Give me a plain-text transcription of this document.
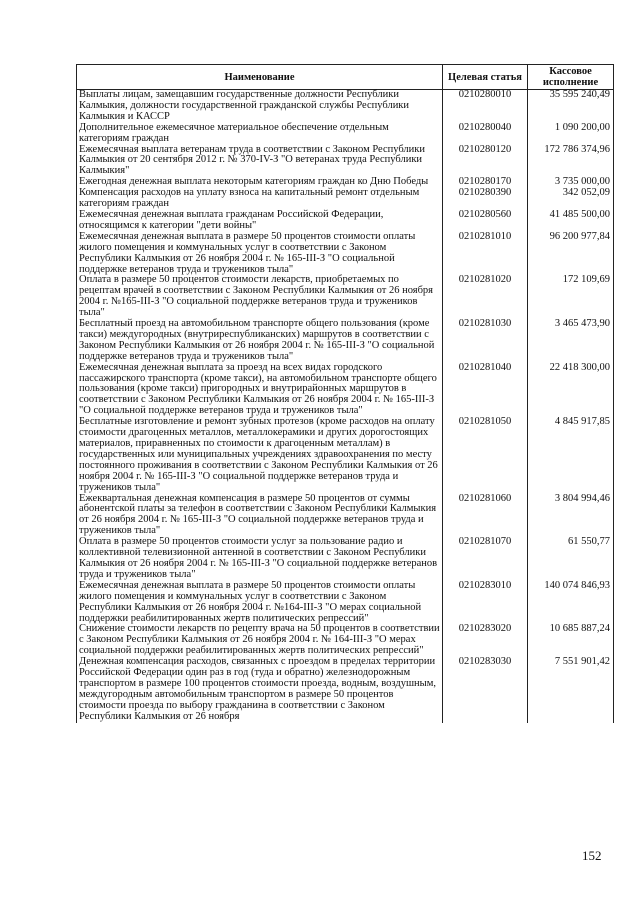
Наименование	Целевая статья	Кассовое исполнение
Выплаты лицам, замещавшим государственные должности Республики Калмыкия, должности государственной гражданской службы Республики Калмыкия и КАССР	0210280010	35 595 240,49
Дополнительное ежемесячное материальное обеспечение отдельным категориям граждан	0210280040	1 090 200,00
Ежемесячная выплата ветеранам труда в соответствии с Законом Республики Калмыкия от 20 сентября 2012 г. № 370-IV-З "О ветеранах труда Республики Калмыкия"	0210280120	172 786 374,96
Ежегодная денежная выплата некоторым категориям граждан ко Дню Победы	0210280170	3 735 000,00
Компенсация расходов на уплату взноса на капитальный ремонт отдельным категориям граждан	0210280390	342 052,09
Ежемесячная денежная выплата гражданам Российской Федерации, относящимся к категории "дети войны"	0210280560	41 485 500,00
Ежемесячная денежная выплата в размере 50 процентов стоимости оплаты жилого помещения и коммунальных услуг в соответствии с Законом Республики Калмыкия от 26 ноября 2004 г. № 165-III-З "О социальной поддержке ветеранов труда и тружеников тыла"	0210281010	96 200 977,84
Оплата в размере 50 процентов стоимости лекарств, приобретаемых по рецептам врачей в соответствии с Законом Республики Калмыкия от 26 ноября 2004 г. №165-III-З "О социальной поддержке ветеранов труда и тружеников тыла"	0210281020	172 109,69
Бесплатный проезд на автомобильном транспорте общего пользования (кроме такси) междугородных (внутриреспубликанских) маршрутов в соответствии с Законом Республики Калмыкия от 26 ноября 2004 г. № 165-III-З "О социальной поддержке ветеранов труда и тружеников тыла"	0210281030	3 465 473,90
Ежемесячная денежная выплата за проезд на всех видах городского пассажирского транспорта (кроме такси), на автомобильном транспорте общего пользования (кроме такси) пригородных и внутрирайонных маршрутов в соответствии с Законом Республики Калмыкия от 26 ноября 2004 г. № 165-III-З "О социальной поддержке ветеранов труда и тружеников тыла"	0210281040	22 418 300,00
Бесплатные изготовление и ремонт зубных протезов (кроме расходов на оплату стоимости драгоценных металлов, металлокерамики и других дорогостоящих материалов, приравненных по стоимости к драгоценным металлам) в государственных или муниципальных учреждениях здравоохранения по месту постоянного проживания в соответствии с Законом Республики Калмыкия от 26 ноября 2004 г. № 165-III-З "О социальной поддержке ветеранов труда и тружеников тыла"	0210281050	4 845 917,85
Ежеквартальная денежная компенсация в размере 50 процентов от суммы абонентской платы за телефон в соответствии с Законом Республики Калмыкия от 26 ноября 2004 г. № 165-III-З "О социальной поддержке ветеранов труда и тружеников тыла"	0210281060	3 804 994,46
Оплата в размере 50 процентов стоимости услуг за пользование радио и коллективной телевизионной антенной в соответствии с Законом Республики Калмыкия от 26 ноября 2004 г. № 165-III-З "О социальной поддержке ветеранов труда и тружеников тыла"	0210281070	61 550,77
Ежемесячная денежная выплата в размере 50 процентов стоимости оплаты жилого помещения и коммунальных услуг в соответствии с Законом Республики Калмыкия от 26 ноября 2004 г. №164-III-З "О мерах социальной поддержки реабилитированных жертв политических репрессий"	0210283010	140 074 846,93
Снижение стоимости лекарств по рецепту врача на 50 процентов в соответствии с Законом Республики Калмыкия от 26 ноября 2004 г. № 164-III-З "О мерах социальной поддержки реабилитированных жертв политических репрессий"	0210283020	10 685 887,24
Денежная компенсация расходов, связанных с проездом в пределах территории Российской Федерации один раз в год (туда и обратно) железнодорожным транспортом в размере 100 процентов стоимости проезда, водным, воздушным, междугородным автомобильным транспортом в размере 50 процентов стоимости проезда по выбору гражданина в соответствии с Законом Республики Калмыкия от 26 ноября	0210283030	7 551 901,42
152
